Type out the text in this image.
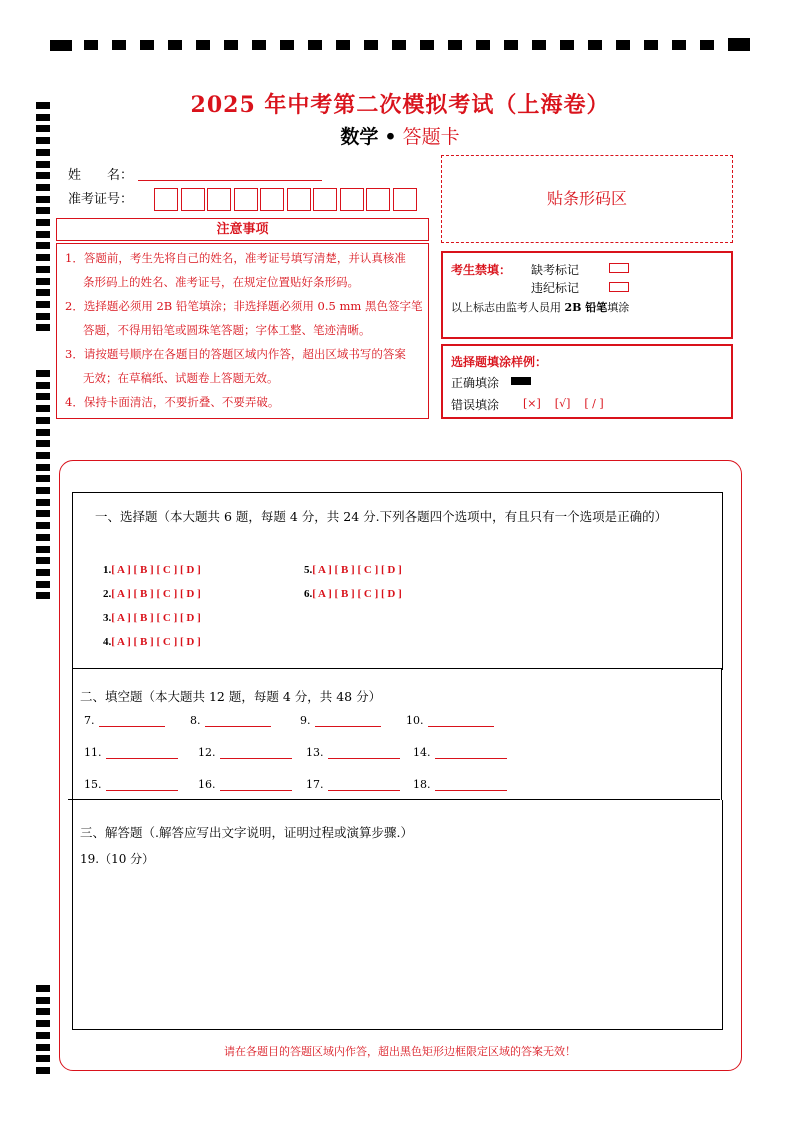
2025 年中考第二次模拟考试（上海卷）
数学 • 答题卡
姓　　名：
准考证号：	贴条形码区
注意事项
1．答题前，考生先将自己的姓名，准考证号填写清楚，并认真核准
条形码上的姓名、准考证号，在规定位置贴好条形码。
2．选择题必须用 2B 铅笔填涂；非选择题必须用 0.5 mm 黑色签字笔
答题，不得用铅笔或圆珠笔答题；字体工整、笔迹清晰。
3．请按题号顺序在各题目的答题区域内作答，超出区域书写的答案
无效；在草稿纸、试题卷上答题无效。
4．保持卡面清洁，不要折叠、不要弄破。
考生禁填： 缺考标记
违纪标记
以上标志由监考人员用 2B 铅笔填涂
选择题填涂样例：
正确填涂
错误填涂 [×]    [√]    [ / ]
一、选择题（本大题共 6 题，每题 4 分，共 24 分.下列各题四个选项中，有且只有一个选项是正确的）
1.[ A ] [ B ] [ C ] [ D ]
2.[ A ] [ B ] [ C ] [ D ]
3.[ A ] [ B ] [ C ] [ D ]
4.[ A ] [ B ] [ C ] [ D ]
5.[ A ] [ B ] [ C ] [ D ]
6.[ A ] [ B ] [ C ] [ D ]
二、填空题（本大题共 12 题，每题 4 分，共 48 分）
7.	8.	9.	10.
11.	12.	13.	14.
15.	16.	17.	18.
三、解答题（.解答应写出文字说明，证明过程或演算步骤.）
19.（10 分）
请在各题目的答题区域内作答，超出黑色矩形边框限定区域的答案无效！
